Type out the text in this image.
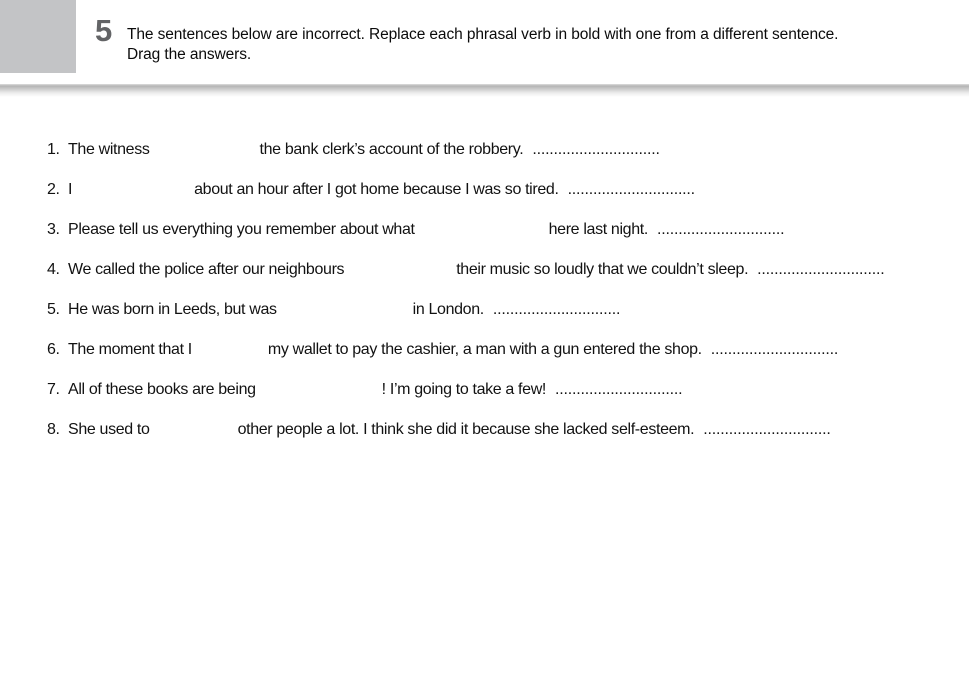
5 The sentences below are incorrect. Replace each phrasal verb in bold with one from a different sentence. Drag the answers.

1. The witness	the bank clerk’s account of the robbery. ..............................
2. I	about an hour after I got home because I was so tired. ..............................
3. Please tell us everything you remember about what	here last night. ..............................
4. We called the police after our neighbours	their music so loudly that we couldn’t sleep. ..............................
5. He was born in Leeds, but was	in London. ..............................
6. The moment that I	my wallet to pay the cashier, a man with a gun entered the shop. ..............................
7. All of these books are being	! I’m going to take a few! ..............................
8. She used to	other people a lot. I think she did it because she lacked self-esteem. ..............................
